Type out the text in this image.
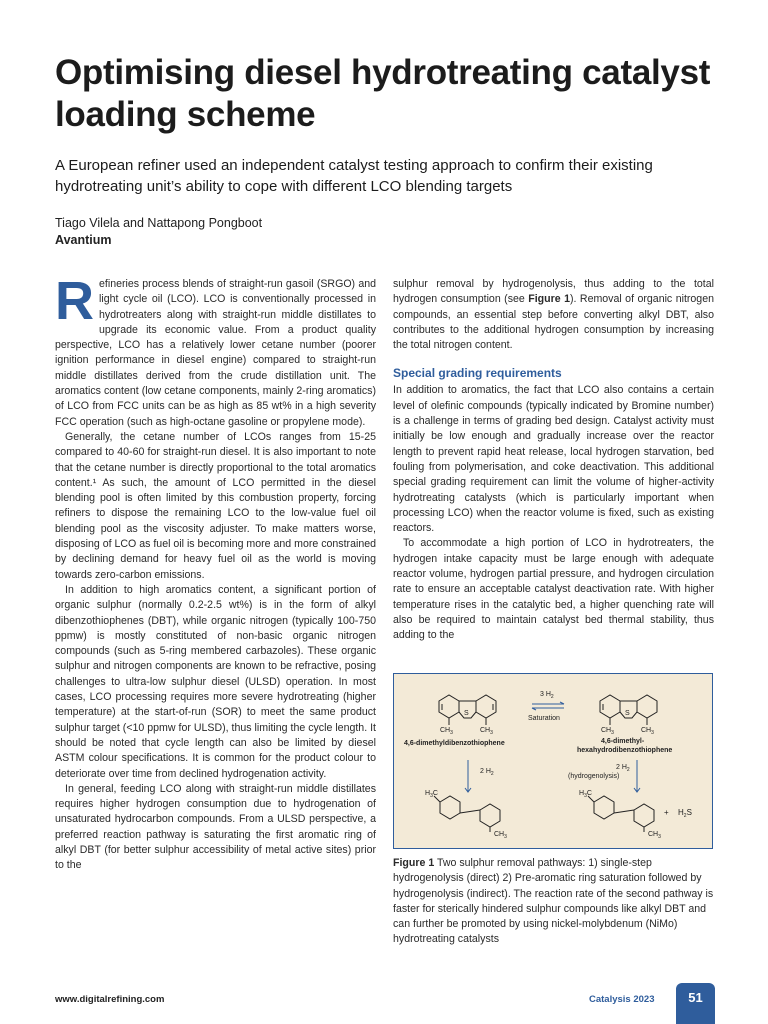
Optimising diesel hydrotreating catalyst loading scheme

A European refiner used an independent catalyst testing approach to confirm their existing hydrotreating unit’s ability to cope with different LCO blending targets

Tiago Vilela and Nattapong Pongboot
Avantium

Refineries process blends of straight-run gasoil (SRGO) and light cycle oil (LCO). LCO is conventionally processed in hydrotreaters along with straight-run middle distillates to upgrade its economic value. From a product quality perspective, LCO has a relatively lower cetane number (poorer ignition performance in diesel engine) compared to straight-run middle distillates derived from the crude distillation unit. The aromatics content (low cetane components, mainly 2-ring aromatics) of LCO from FCC units can be as high as 85 wt% in a high severity FCC operation (such as high-octane gasoline or propylene mode).

Generally, the cetane number of LCOs ranges from 15-25 compared to 40-60 for straight-run diesel. It is also important to note that the cetane number is directly proportional to the total aromatics content.¹ As such, the amount of LCO permitted in the diesel blending pool is often limited by this combustion property, forcing refiners to dispose the remaining LCO to the low-value fuel oil blending pool as the viscosity adjuster. To make matters worse, disposing of LCO as fuel oil is becoming more and more constrained by declining demand for heavy fuel oil as the world is moving towards zero-carbon emissions.

In addition to high aromatics content, a significant portion of organic sulphur (normally 0.2-2.5 wt%) is in the form of alkyl dibenzothiophenes (DBT), while organic nitrogen (typically 100-750 ppmw) is mostly constituted of non-basic organic nitrogen compounds (such as 5-ring membered carbazoles). These organic sulphur and nitrogen components are known to be refractive, posing challenges to ultra-low sulphur diesel (ULSD) operation. In most cases, LCO processing requires more severe hydrotreating (higher temperature) at the start-of-run (SOR) to meet the same product sulphur target (<10 ppmw for ULSD), thus limiting the cycle length. It should be noted that cycle length can also be limited by diesel ASTM colour specifications. It is common for the product colour to deteriorate over time from declined hydrogenation activity.

In general, feeding LCO along with straight-run middle distillates requires higher hydrogen consumption due to hydrogenation of unsaturated hydrocarbon compounds. From a ULSD perspective, a preferred reaction pathway is saturating the first aromatic ring of alkyl DBT (for better sulphur accessibility of metal active sites) prior to the

sulphur removal by hydrogenolysis, thus adding to the total hydrogen consumption (see Figure 1). Removal of organic nitrogen compounds, an essential step before converting alkyl DBT, also contributes to the additional hydrogen consumption by increasing the total nitrogen content.

Special grading requirements

In addition to aromatics, the fact that LCO also contains a certain level of olefinic compounds (typically indicated by Bromine number) is a challenge in terms of grading bed design. Catalyst activity must initially be low enough and gradually increase over the reactor length to prevent rapid heat release, local hydrogen starvation, bed fouling from polymerisation, and coke deactivation. This additional special grading requirement can limit the volume of higher-activity hydrotreating catalysts (which is particularly important when processing LCO) when the reactor volume is fixed, such as existing reactors.

To accommodate a high portion of LCO in hydrotreaters, the hydrogen intake capacity must be large enough with adequate reactor volume, hydrogen partial pressure, and hydrogen circulation rate to ensure an acceptable catalyst deactivation rate. With higher temperature rises in the catalytic bed, a higher quenching rate will also be required to maintain catalyst bed thermal stability, thus adding to the

S
$CH_3$	$CH_3$
4,6-dimethyldibenzothiophene
3 $H_2$
Saturation
S
$CH_3$	$CH_3$
4,6-dimethyl-
hexahydrodibenzothiophene
2 $H_2$
2 $H_2$
(hydrogenolysis)
$H_3C$
$CH_3$
$H_3C$
$CH_3$
+ $H_2S$
Figure 1 Two sulphur removal pathways: 1) single-step hydrogenolysis (direct) 2) Pre-aromatic ring saturation followed by hydrogenolysis (indirect). The reaction rate of the second pathway is faster for sterically hindered sulphur compounds like alkyl DBT and can further be promoted by using nickel-molybdenum (NiMo) hydrotreating catalysts
www.digitalrefining.com	Catalysis 2023	51
